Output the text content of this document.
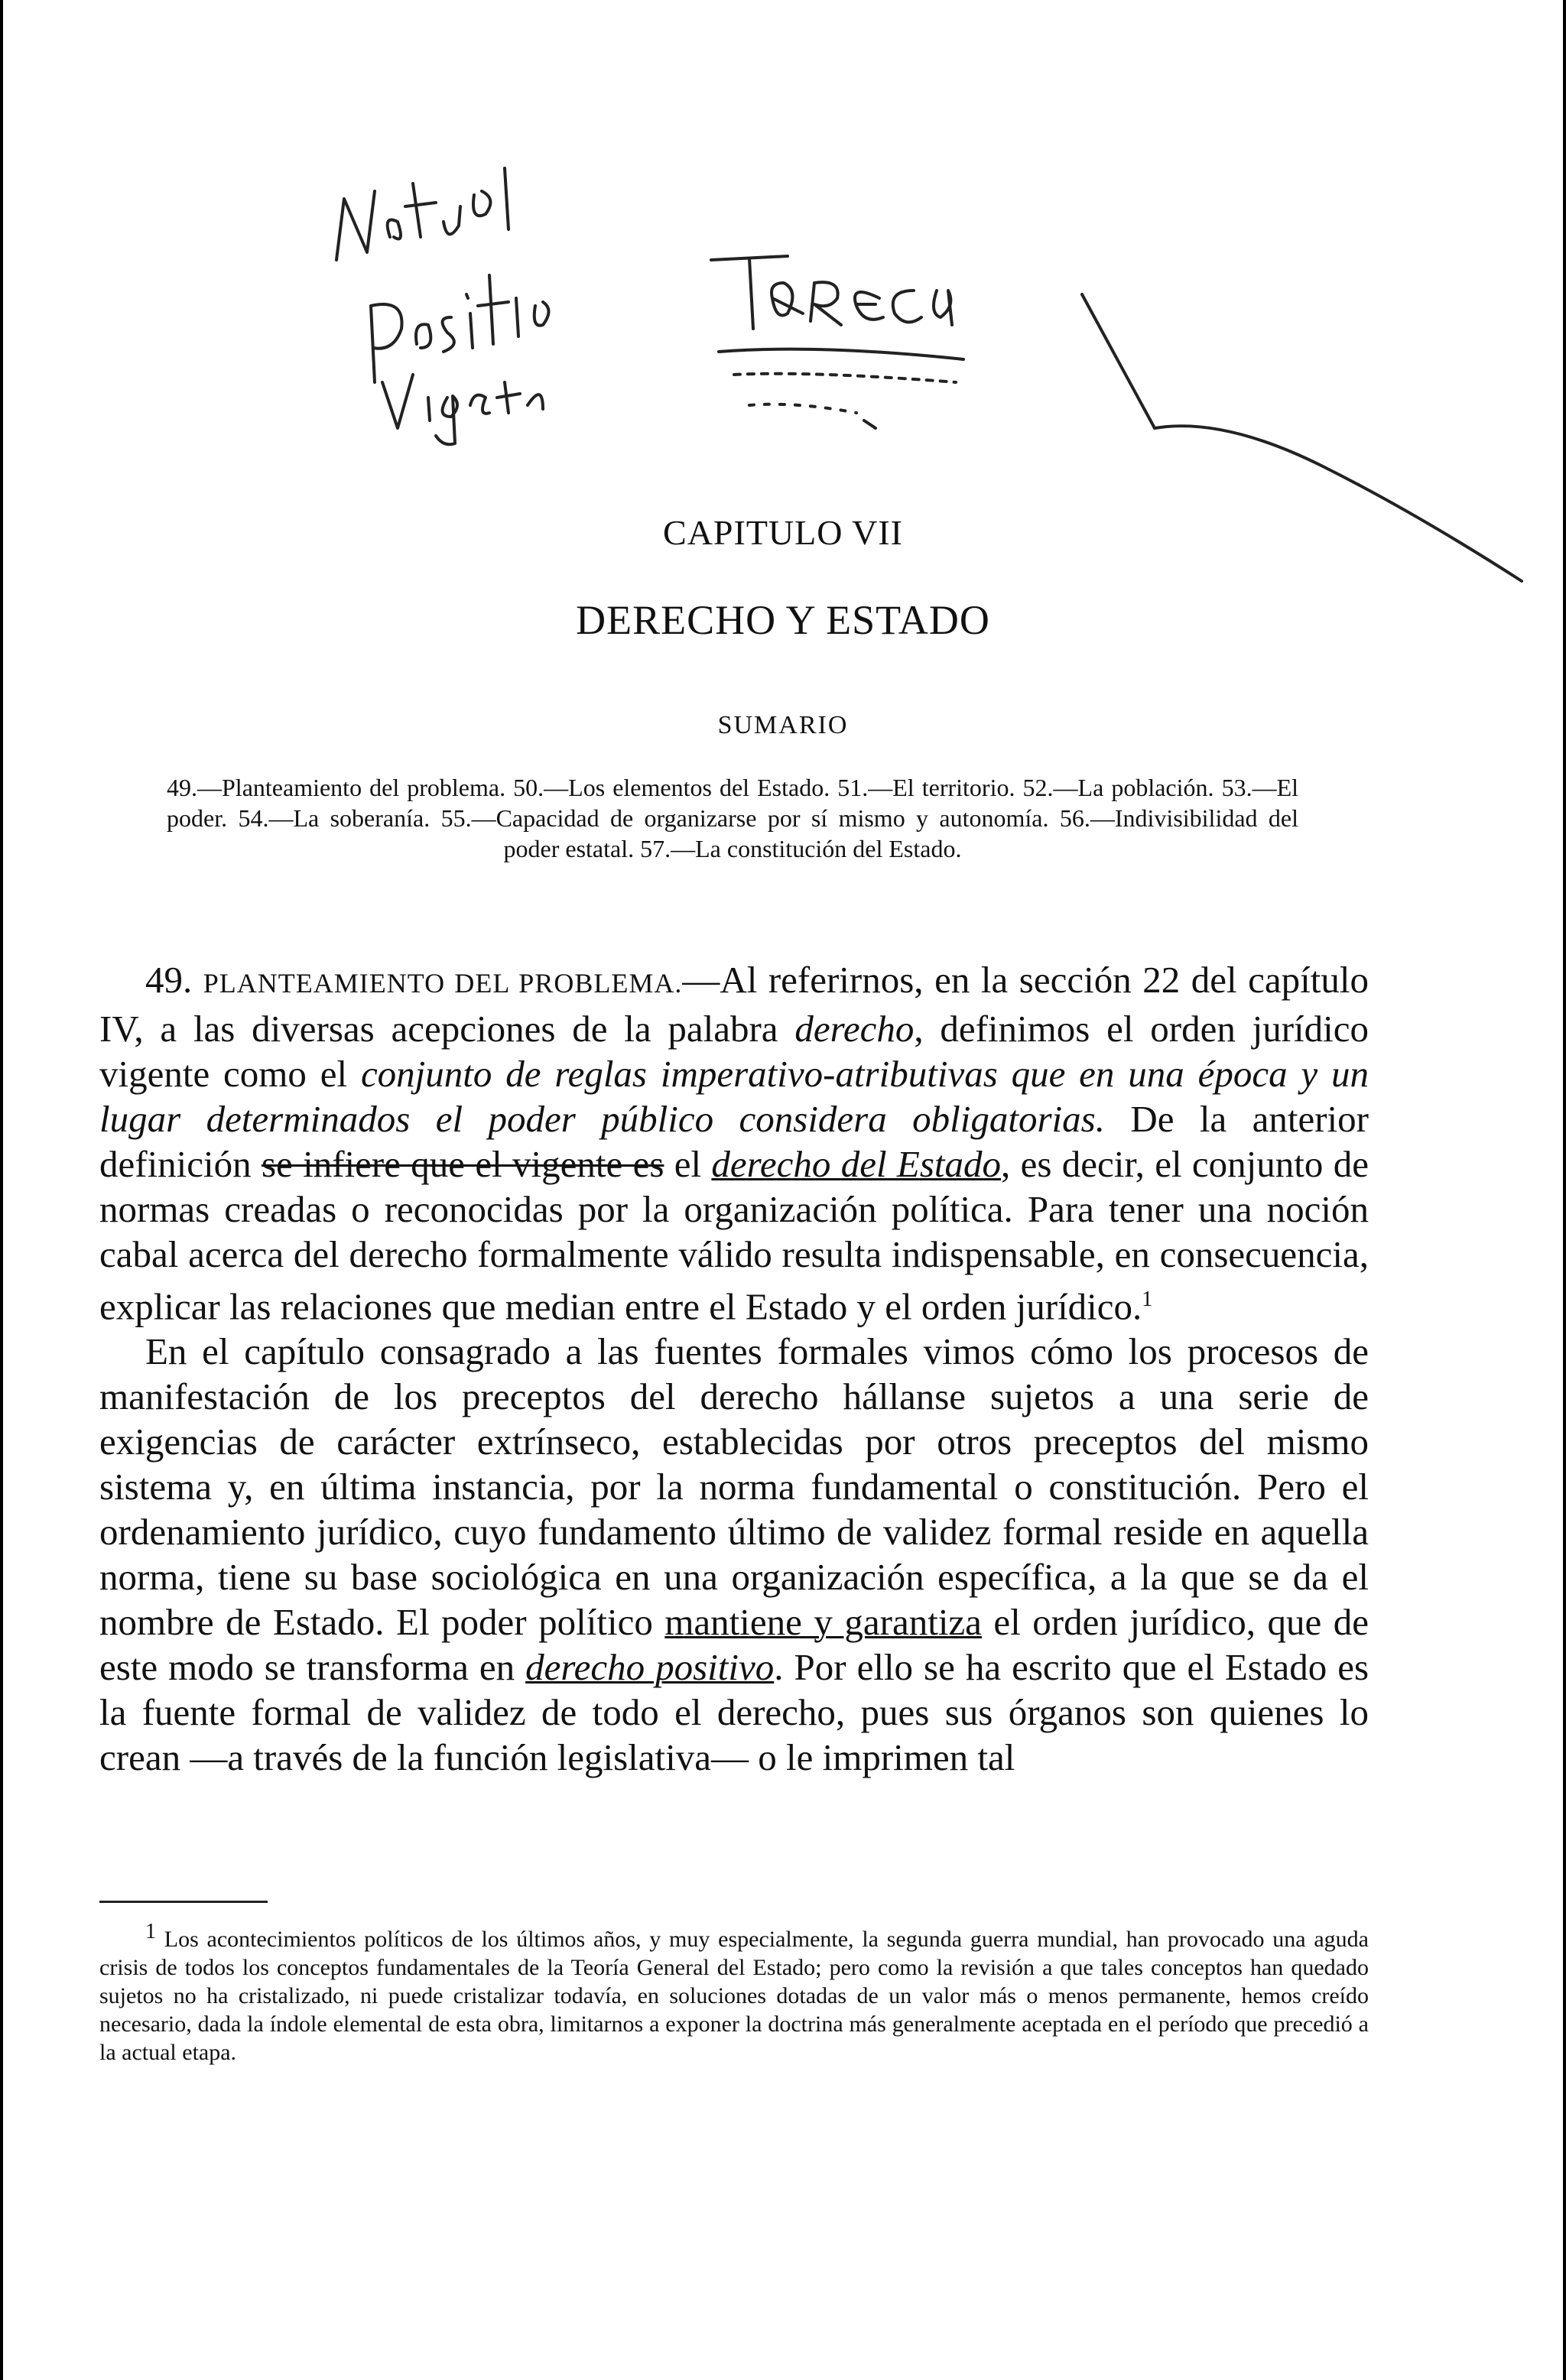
CAPITULO VII
DERECHO Y ESTADO
SUMARIO
49.—Planteamiento del problema. 50.—Los elementos del Estado. 51.—El territorio. 52.—La población. 53.—El poder. 54.—La soberanía. 55.—Capacidad de organizarse por sí mismo y autonomía. 56.—Indivisibilidad del poder estatal. 57.—La constitución del Estado.

49. PLANTEAMIENTO DEL PROBLEMA.—Al referirnos, en la sección 22 del capítulo IV, a las diversas acepciones de la palabra derecho, definimos el orden jurídico vigente como el conjunto de reglas imperativo-atributivas que en una época y un lugar determinados el poder público considera obligatorias. De la anterior definición se infiere que el vigente es el derecho del Estado, es decir, el conjunto de normas creadas o reconocidas por la organización política. Para tener una noción cabal acerca del derecho formalmente válido resulta indispensable, en consecuencia, explicar las relaciones que median entre el Estado y el orden jurídico.$^1$

En el capítulo consagrado a las fuentes formales vimos cómo los procesos de manifestación de los preceptos del derecho hállanse sujetos a una serie de exigencias de carácter extrínseco, establecidas por otros preceptos del mismo sistema y, en última instancia, por la norma fundamental o constitución. Pero el ordenamiento jurídico, cuyo fundamento último de validez formal reside en aquella norma, tiene su base sociológica en una organización específica, a la que se da el nombre de Estado. El poder político mantiene y garantiza el orden jurídico, que de este modo se transforma en derecho positivo. Por ello se ha escrito que el Estado es la fuente formal de validez de todo el derecho, pues sus órganos son quienes lo crean —a través de la función legislativa— o le imprimen tal

$^1$ Los acontecimientos políticos de los últimos años, y muy especialmente, la segunda guerra mundial, han provocado una aguda crisis de todos los conceptos fundamentales de la Teoría General del Estado; pero como la revisión a que tales conceptos han quedado sujetos no ha cristalizado, ni puede cristalizar todavía, en soluciones dotadas de un valor más o menos permanente, hemos creído necesario, dada la índole elemental de esta obra, limitarnos a exponer la doctrina más generalmente aceptada en el período que precedió a la actual etapa.
